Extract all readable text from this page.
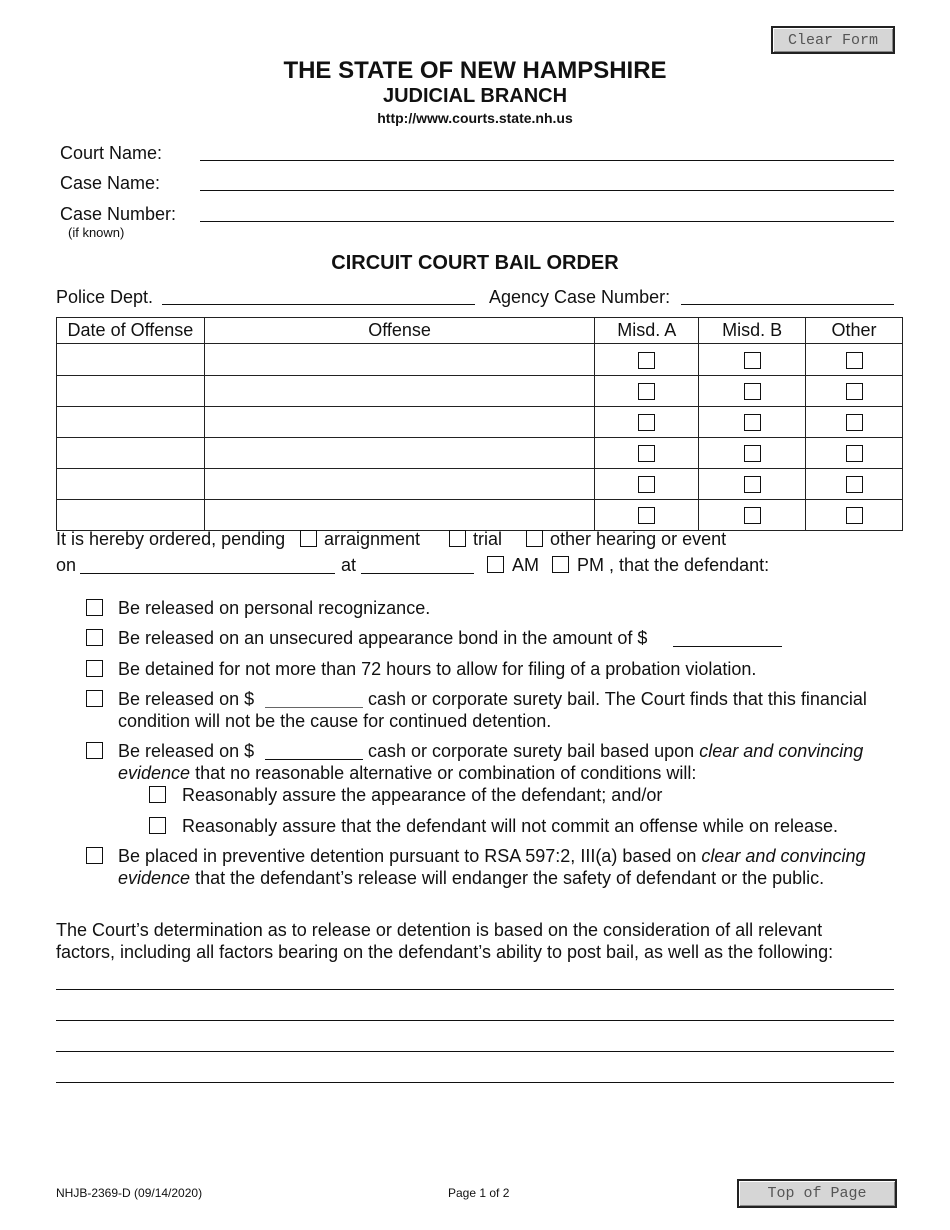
Clear Form
Top of Page
THE STATE OF NEW HAMPSHIRE
JUDICIAL BRANCH
http://www.courts.state.nh.us
Court Name:
Case Name:
Case Number:
(if known)
CIRCUIT COURT BAIL ORDER
Police Dept.	Agency Case Number:
Date of Offense	Offense	Misd. A	Misd. B	Other

It is hereby ordered, pending arraignment	trial	other hearing or event
on	at	AM PM , that the defendant:
Be released on personal recognizance.
Be released on an unsecured appearance bond in the amount of $
Be detained for not more than 72 hours to allow for filing of a probation violation.
Be released on $	cash or corporate surety bail. The Court finds that this financial
condition will not be the cause for continued detention.
Be released on $	cash or corporate surety bail based upon clear and convincing
evidence that no reasonable alternative or combination of conditions will:
Reasonably assure the appearance of the defendant; and/or
Reasonably assure that the defendant will not commit an offense while on release.
Be placed in preventive detention pursuant to RSA 597:2, III(a) based on clear and convincing
evidence that the defendant’s release will endanger the safety of defendant or the public.
The Court’s determination as to release or detention is based on the consideration of all relevant
factors, including all factors bearing on the defendant’s ability to post bail, as well as the following:
NHJB-2369-D (09/14/2020)	Page 1 of 2
